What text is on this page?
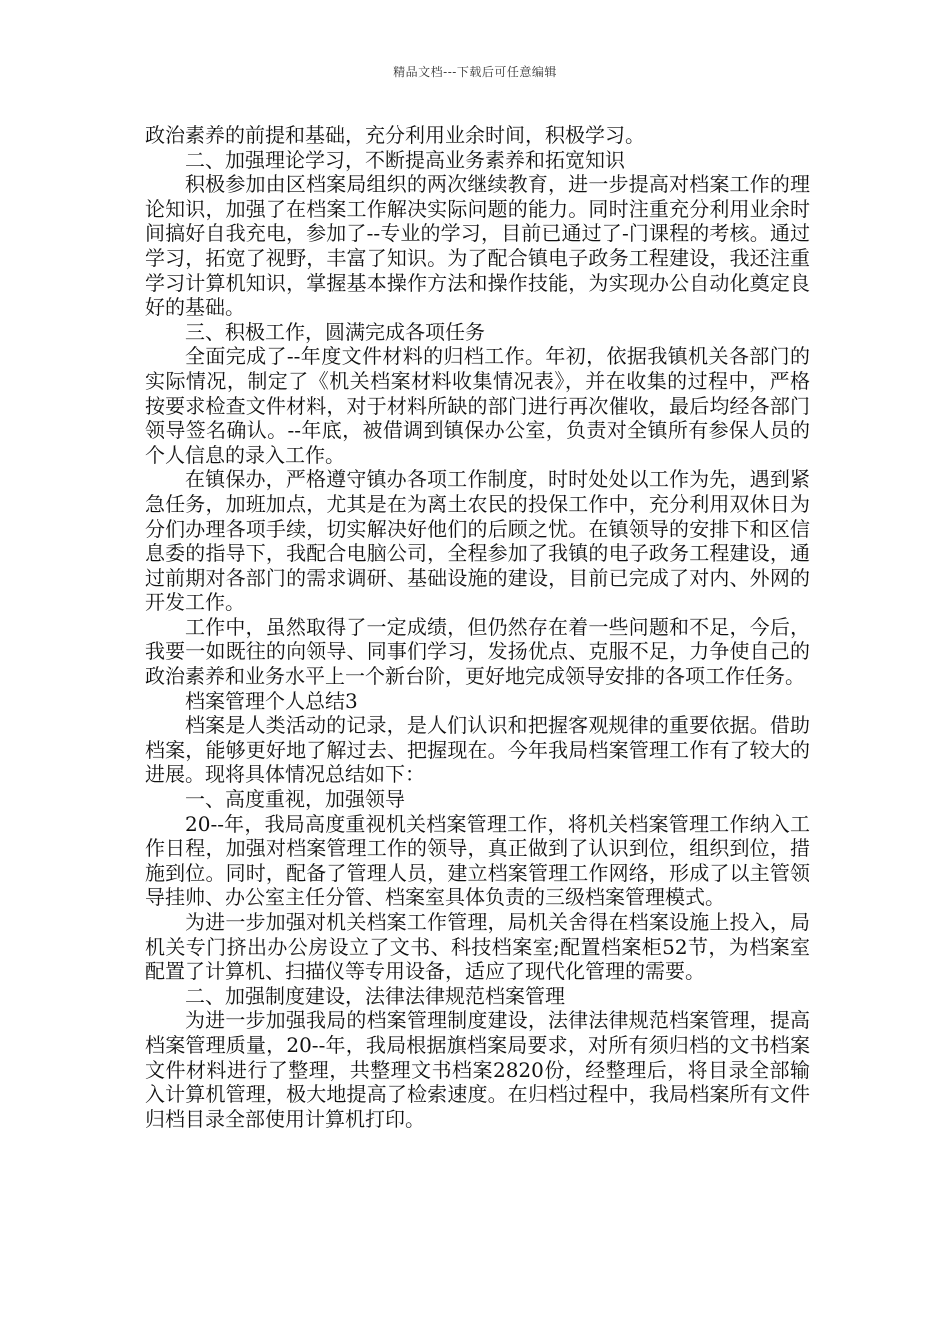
精品文档---下载后可任意编辑

政治素养的前提和基础，充分利用业余时间，积极学习。

二、加强理论学习，不断提高业务素养和拓宽知识

积极参加由区档案局组织的两次继续教育，进一步提高对档案工作的理论知识，加强了在档案工作解决实际问题的能力。同时注重充分利用业余时间搞好自我充电，参加了--专业的学习，目前已通过了-门课程的考核。通过学习，拓宽了视野，丰富了知识。为了配合镇电子政务工程建设，我还注重学习计算机知识，掌握基本操作方法和操作技能，为实现办公自动化奠定良好的基础。

三、积极工作，圆满完成各项任务

全面完成了--年度文件材料的归档工作。年初，依据我镇机关各部门的实际情况，制定了《机关档案材料收集情况表》，并在收集的过程中，严格按要求检查文件材料，对于材料所缺的部门进行再次催收，最后均经各部门领导签名确认。--年底，被借调到镇保办公室，负责对全镇所有参保人员的个人信息的录入工作。

在镇保办，严格遵守镇办各项工作制度，时时处处以工作为先，遇到紧急任务，加班加点，尤其是在为离土农民的投保工作中，充分利用双休日为分们办理各项手续，切实解决好他们的后顾之忧。在镇领导的安排下和区信息委的指导下，我配合电脑公司，全程参加了我镇的电子政务工程建设，通过前期对各部门的需求调研、基础设施的建设，目前已完成了对内、外网的开发工作。

工作中，虽然取得了一定成绩，但仍然存在着一些问题和不足，今后，我要一如既往的向领导、同事们学习，发扬优点、克服不足，力争使自己的政治素养和业务水平上一个新台阶，更好地完成领导安排的各项工作任务。

档案管理个人总结3

档案是人类活动的记录，是人们认识和把握客观规律的重要依据。借助档案，能够更好地了解过去、把握现在。今年我局档案管理工作有了较大的进展。现将具体情况总结如下：

一、高度重视，加强领导

20--年，我局高度重视机关档案管理工作，将机关档案管理工作纳入工作日程，加强对档案管理工作的领导，真正做到了认识到位，组织到位，措施到位。同时，配备了管理人员，建立档案管理工作网络，形成了以主管领导挂帅、办公室主任分管、档案室具体负责的三级档案管理模式。

为进一步加强对机关档案工作管理，局机关舍得在档案设施上投入，局机关专门挤出办公房设立了文书、科技档案室;配置档案柜52节，为档案室配置了计算机、扫描仪等专用设备，适应了现代化管理的需要。

二、加强制度建设，法律法律规范档案管理

为进一步加强我局的档案管理制度建设，法律法律规范档案管理，提高档案管理质量，20--年，我局根据旗档案局要求，对所有须归档的文书档案文件材料进行了整理，共整理文书档案2820份，经整理后，将目录全部输入计算机管理，极大地提高了检索速度。在归档过程中，我局档案所有文件归档目录全部使用计算机打印。
